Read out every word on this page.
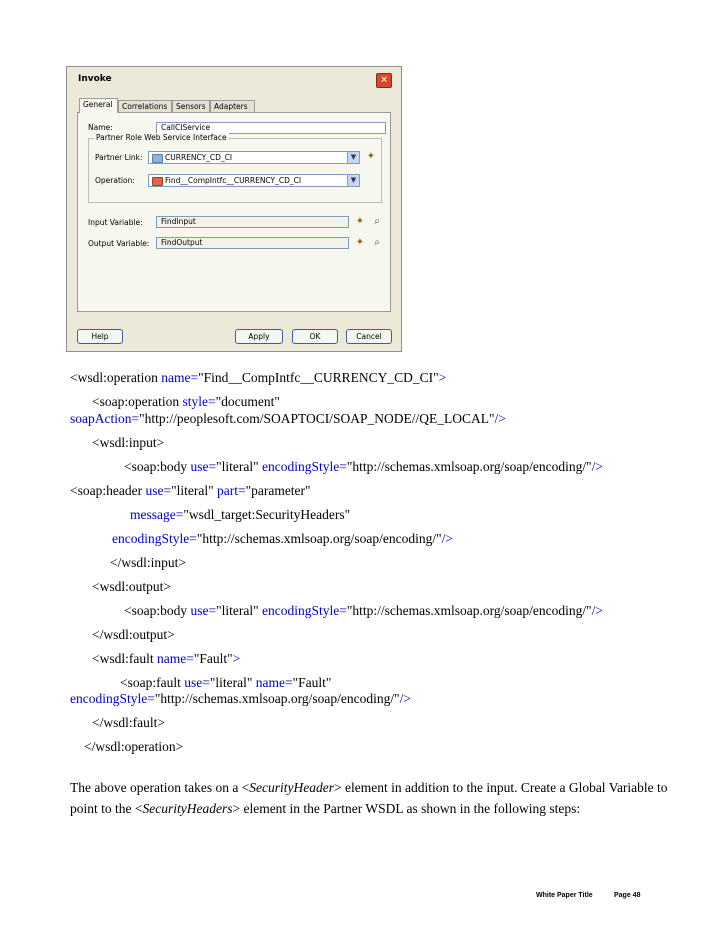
Invoke	×
General	Correlations	Sensors	Adapters
Name:	CallCIService
Partner Role Web Service Interface
Partner Link:	CURRENCY_CD_CI	▼ ✦
Operation:	Find__CompIntfc__CURRENCY_CD_CI	▼
Input Variable:	FindInput	✦	⌕
Output Variable:	FindOutput	✦	⌕
Help	Apply	OK	Cancel
<wsdl:operation name="Find__CompIntfc__CURRENCY_CD_CI">
<soap:operation style="document"
soapAction="http://peoplesoft.com/SOAPTOCI/SOAP_NODE//QE_LOCAL"/>
<wsdl:input>
<soap:body use="literal" encodingStyle="http://schemas.xmlsoap.org/soap/encoding/"/>
<soap:header use="literal" part="parameter"
message="wsdl_target:SecurityHeaders"
encodingStyle="http://schemas.xmlsoap.org/soap/encoding/"/>
</wsdl:input>
<wsdl:output>
<soap:body use="literal" encodingStyle="http://schemas.xmlsoap.org/soap/encoding/"/>
</wsdl:output>
<wsdl:fault name="Fault">
<soap:fault use="literal" name="Fault"
encodingStyle="http://schemas.xmlsoap.org/soap/encoding/"/>
</wsdl:fault>
</wsdl:operation>
The above operation takes on a <SecurityHeader> element in addition to the input. Create a Global Variable to point to the <SecurityHeaders> element in the Partner WSDL as shown in the following steps:
White Paper Title	Page 48
